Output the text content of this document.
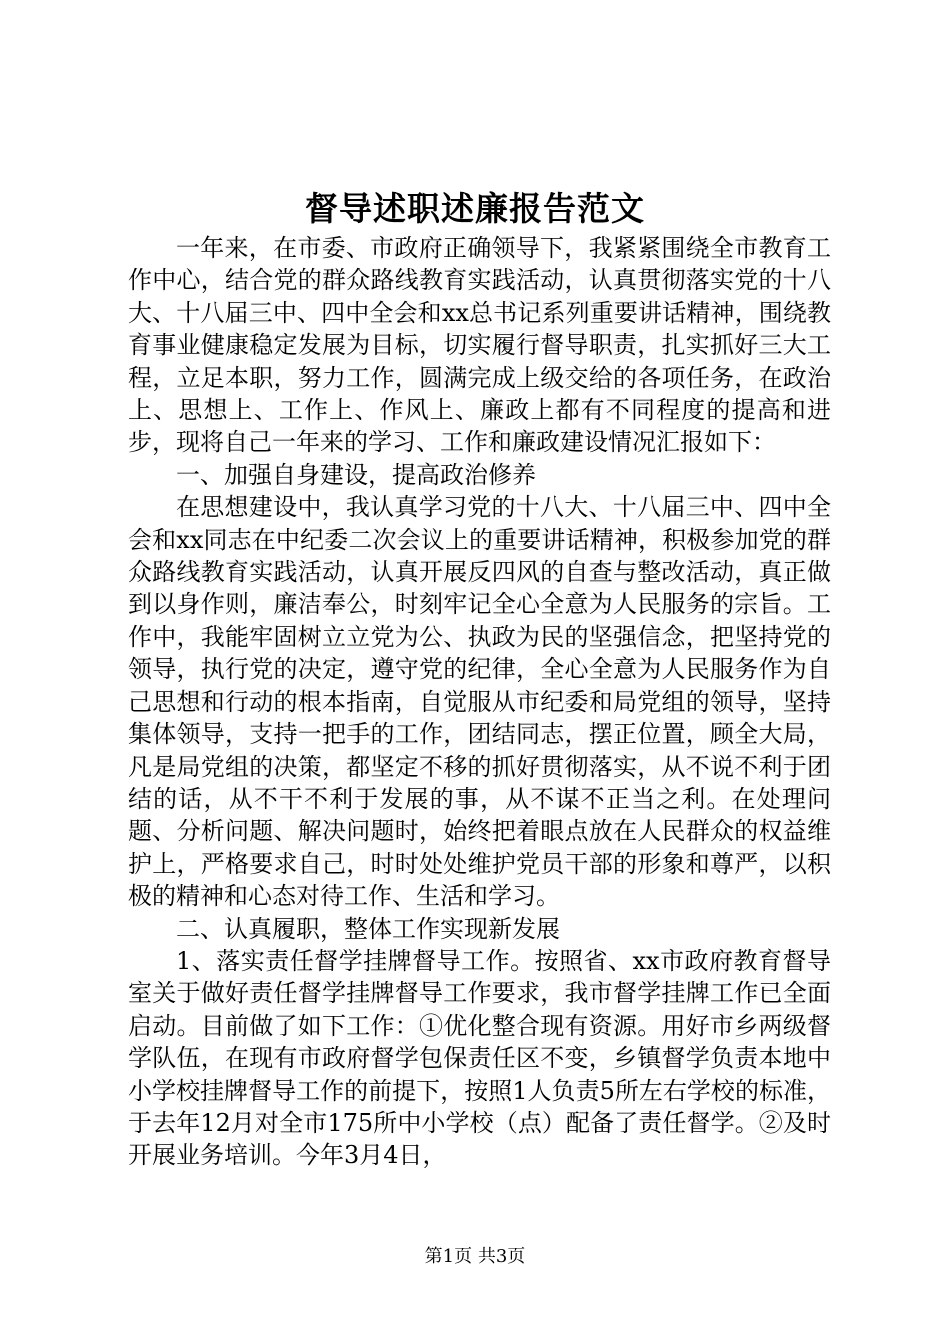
督导述职述廉报告范文

一年来，在市委、市政府正确领导下，我紧紧围绕全市教育工作中心，结合党的群众路线教育实践活动，认真贯彻落实党的十八大、十八届三中、四中全会和xx总书记系列重要讲话精神，围绕教育事业健康稳定发展为目标，切实履行督导职责，扎实抓好三大工程，立足本职，努力工作，圆满完成上级交给的各项任务，在政治上、思想上、工作上、作风上、廉政上都有不同程度的提高和进步，现将自己一年来的学习、工作和廉政建设情况汇报如下：

一、加强自身建设，提高政治修养

在思想建设中，我认真学习党的十八大、十八届三中、四中全会和xx同志在中纪委二次会议上的重要讲话精神，积极参加党的群众路线教育实践活动，认真开展反四风的自查与整改活动，真正做到以身作则，廉洁奉公，时刻牢记全心全意为人民服务的宗旨。工作中，我能牢固树立立党为公、执政为民的坚强信念，把坚持党的领导，执行党的决定，遵守党的纪律，全心全意为人民服务作为自己思想和行动的根本指南，自觉服从市纪委和局党组的领导，坚持集体领导，支持一把手的工作，团结同志，摆正位置，顾全大局，凡是局党组的决策，都坚定不移的抓好贯彻落实，从不说不利于团结的话，从不干不利于发展的事，从不谋不正当之利。在处理问题、分析问题、解决问题时，始终把着眼点放在人民群众的权益维护上，严格要求自己，时时处处维护党员干部的形象和尊严，以积极的精神和心态对待工作、生活和学习。

二、认真履职，整体工作实现新发展

1、落实责任督学挂牌督导工作。按照省、xx市政府教育督导室关于做好责任督学挂牌督导工作要求，我市督学挂牌工作已全面启动。目前做了如下工作：①优化整合现有资源。用好市乡两级督学队伍，在现有市政府督学包保责任区不变，乡镇督学负责本地中小学校挂牌督导工作的前提下，按照1人负责5所左右学校的标准，于去年12月对全市175所中小学校（点）配备了责任督学。②及时开展业务培训。今年3月4日，

第1页 共3页
